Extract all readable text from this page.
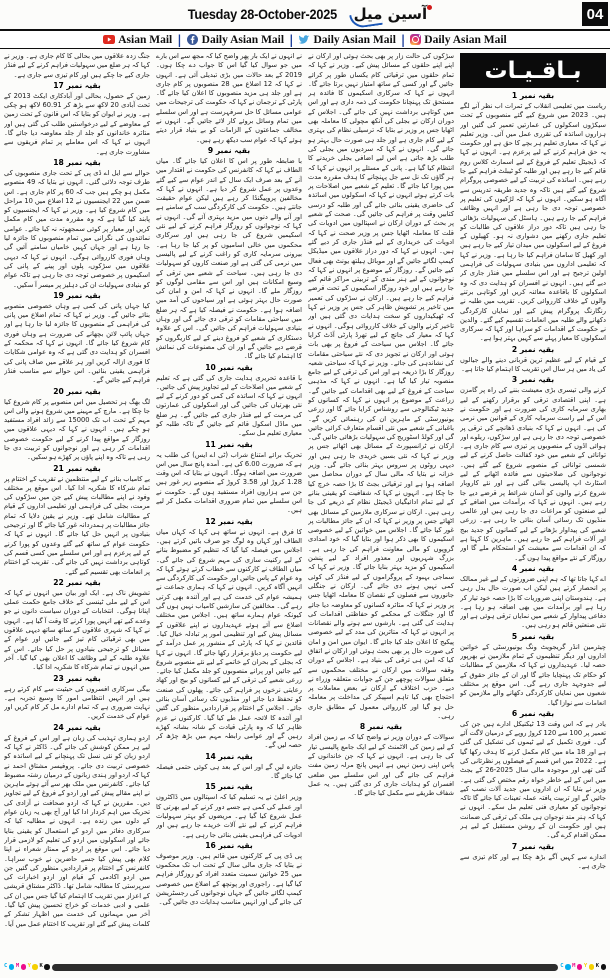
Tuesday 28-October-2025 آسین میل	04
Asian Mail | Daily Asian Mail | Daily Asian Mail | Daily Asian Mail
جنگ زدہ علاقوں میں بحالی کا کام جاری ہے۔ وزیر نے کہا کہ ہر ضلع میں سہولیات فراہم کرنے کے لیے فنڈز جاری کیے جا چکے ہیں اور کام تیزی سے جاری ہے۔
بقیہ نمبر 17
زمین کے حصول، بحالی اور آبادکاری ایکٹ 2013 کے تحت آبادی 20 لاکھ سے بڑھ کر 60.91 لاکھ ہو چکی ہے۔ وزیر نے ایوان کو بتایا کہ اس قانون کے تحت زمین کے معاوضے کے لیے درخواستیں طلب کی گئی ہیں اور متاثرہ خاندانوں کو جلد از جلد معاوضہ دیا جائے گا۔ انہوں نے کہا کہ اس معاملے پر تمام فریقوں سے مشاورت جاری ہے۔
بقیہ نمبر 18
حوالے سے ایل اے ڈی پی کے تحت جاری منصوبوں کی طرف توجہ دلائی گئی۔ انہوں نے بتایا کہ 49 منصوبے مکمل ہو چکے ہیں جب کہ 60 پر کام جاری ہے۔ اس ضمن میں 22 ایجنسیوں نے 12 اضلاع میں 10 مراحل میں کام شروع کیا ہے۔ وزیر نے کہا کہ ایجنسیوں کو پابند کیا گیا ہے کہ وہ مقررہ مدت میں کام مکمل کریں اور معیار پر کوئی سمجھوتہ نہ کیا جائے۔ عوامی نمائندوں کی نگرانی میں تمام منصوبوں کا جائزہ لیا جا رہا ہے اور جہاں کہیں خامیاں سامنے آئیں گی وہاں فوری کارروائی ہوگی۔ انہوں نے کہا کہ دیہی علاقوں میں سڑکوں، پلوں اور پینے کے پانی کی اسکیموں پر خصوصی توجہ دی جا رہی ہے تاکہ عوام کو بنیادی سہولیات ان کی دہلیز پر میسر آ سکیں۔
بقیہ نمبر 19
کیا جہاں پانی کی کمی ہے وہاں خصوصی منصوبے بنائے جائیں گے۔ وزیر نے کہا کہ تمام اضلاع میں پانی کی فراہمی کے منصوبوں کا جائزہ لیا جا رہا ہے اور جہاں پائپ لائن بچھانے کی ضرورت ہے وہاں فوری کام شروع کیا جائے گا۔ انہوں نے کہا کہ محکمہ کے افسران کو ہدایت دی گئی ہے کہ وہ عوامی شکایات کا فوری ازالہ کریں اور ہر علاقے میں صاف پانی کی فراہمی یقینی بنائیں۔ اس حوالے سے مناسب فنڈز فراہم کیے جائیں گے۔
بقیہ نمبر 20
لگ بھگ ہر تحصیل میں اس منصوبے پر کام شروع کیا جا چکا ہے۔ مارچ کے مہینے میں شروع ہونے والی اس مہم کے تحت اب تک 15000 سے زائد افراد مستفید ہو چکے ہیں۔ انہوں نے کہا کہ دیہی علاقوں میں روزگار کے مواقع پیدا کرنے کے لیے حکومت خصوصی اقدامات کر رہی ہے اور نوجوانوں کو تربیت دی جا رہی ہے تاکہ وہ اپنے پاؤں پر کھڑے ہو سکیں۔
بقیہ نمبر 21
یے کامیاب بنانے کے لیے منتظمین نے تقریب کے اختتام پر تمام شرکاء کا شکریہ ادا کیا۔ اس موقع پر مختلف وفود نے اپنے مطالبات پیش کیے جن میں سڑکوں کی مرمت، بجلی کی فراہمی اور تعلیمی اداروں کے قیام کے مطالبات شامل تھے۔ وزیر نے یقین دلایا کہ تمام جائز مطالبات پر ہمدردانہ غور کیا جائے گا اور ترجیحی بنیادوں پر انہیں حل کیا جائے گا۔ انہوں نے کہا کہ حکومت عوام کے ساتھ کیے گئے وعدوں کو پورا کرنے کے لیے پرعزم ہے اور اس سلسلے میں کسی قسم کی کوتاہی برداشت نہیں کی جائے گی۔ تقریب کے اختتام پر انعامات بھی تقسیم کیے گئے۔
بقیہ نمبر 22
تشویش ناک ہے۔ ایک اور بیان میں انہوں نے کہا کہ اس کے لیے ملی ٹینسی کے خلاف جامع حکمت عملی اپنانا ہوگی۔ انتخابات کے دوران سیاست دانوں نے جو وعدے کیے تھے انہیں پورا کرنے کا وقت آ گیا ہے۔ انہوں نے کہا کہ شہری علاقوں کے ساتھ ساتھ دیہی علاقوں میں بھی ترقیاتی کام تیز کیے جائیں اور عوام کے مسائل کو ترجیحی بنیادوں پر حل کیا جائے۔ اس کے علاوہ طلبہ کے لیے وظائف کا اعلان بھی کیا گیا۔ آخر میں انہوں نے تمام شرکاء کا شکریہ ادا کیا۔
بقیہ نمبر 23
بیگی سرکاری افسروں کی حیثیت سے کام کرتے رہے ہیں اور انہیں انتظامی امور کا وسیع تجربہ ہے۔ نہایت ضروری ہے کہ تمام ادارے مل کر کام کریں اور عوام کی خدمت کریں۔
بقیہ نمبر 24
اردو ہماری تہذیب کی زبان ہے اور اس کے فروغ کے لیے ہر ممکن کوشش کی جائے گی۔ ڈاکٹر نے کہا کہ اردو زبان کو نئی نسل تک پہنچانے کے لیے اساتذہ کو خصوصی تربیت دی جائے۔ پروفیسر مشتاق احمد نے کہا کہ اردو اور ہندی زبانوں کے درمیان رشتہ مضبوط کیا جائے۔ کانفرنس میں ملک بھر سے آئے ہوئے ماہرین نے اپنے مقالے پیش کیے اور اردو کے فروغ کے لیے تجاویز دیں۔ مقررین نے کہا کہ اردو صحافت نے آزادی کی تحریک میں اہم کردار ادا کیا اور آج بھی یہ زبان عوام کے دلوں میں زندہ ہے۔ انہوں نے مطالبہ کیا کہ سرکاری دفاتر میں اردو کے استعمال کو یقینی بنایا جائے اور اسکولوں میں اردو کی تعلیم کو لازمی قرار دیا جائے۔ اس موقع پر اردو کے ممتاز شعراء نے اپنا کلام بھی پیش کیا جسے حاضرین نے خوب سراہا۔ کانفرنس کے اختتام پر قراردادیں منظور کی گئیں جن میں اردو اکادمی کے قیام اور اردو اخبارات کی سرپرستی کا مطالبہ شامل تھا۔ ڈاکٹر مشتاق قریشی کے اعزاز میں تقریب کا اہتمام کیا گیا جس میں ان کی علمی و ادبی خدمات کو خراج تحسین پیش کیا گیا۔ آخر میں مہمانوں کی خدمت میں اظہار تشکر کے کلمات پیش کیے گئے اور تقریب کا اختتام عمل میں آیا۔
نے انہوں نے ایک بار پھر واضح کیا کہ مجھ سے اس بارے میں جو سوال کیا گیا اس کا جواب دے چکا ہوں۔ 2019 کے بعد حالات میں بڑی تبدیلی آئی ہے۔ انہوں نے کہا کہ 12 اضلاع میں 28 منصوبوں پر کام جاری ہے اور جلد ہی مزید منصوبوں کا اعلان کیا جائے گا۔ پارٹی کے ترجمان نے کہا کہ حکومت کی ترجیحات میں عوامی مسائل کا حل سرفہرست ہے اور اس سلسلے میں تمام وسائل بروئے کار لائے جائیں گے۔ انہوں نے مخالف جماعتوں کے الزامات کو بے بنیاد قرار دیتے ہوئے کہا کہ عوام سب دیکھ رہے ہیں۔
بقیہ نمبر 9
با ضابطہ طور پر اس کا اعلان کیا جائے گا۔ میاں الطاف نے کہا کہ کانفرنس کی حکومت نے اقتدار میں آنے کے بعد صرف ایک سال کے اندر عوام سے کیے گئے وعدوں پر عمل شروع کر دیا ہے۔ انہوں نے کہا کہ مخالفین پروپیگنڈا کر رہے ہیں لیکن عوام حقیقت جانتے ہیں۔ حکومت کی کارکردگی سب کے سامنے ہے اور آنے والے دنوں میں مزید بہتری آئے گی۔ انہوں نے کہا کہ نوجوانوں کو روزگار فراہم کرنے کے لیے نئی اسکیمیں شروع کی جا رہی ہیں اور سرکاری محکموں میں خالی اسامیوں کو پر کیا جا رہا ہے۔ بیرونی سرمایہ کاری کو راغب کرنے کے لیے پالیسی میں نرمی کی گئی ہے اور صنعت کاروں کو سہولیات دی جا رہی ہیں۔ سیاحت کے شعبے میں ترقی کے وسیع امکانات ہیں اور اس سے مقامی لوگوں کو روزگار ملے گا۔ انہوں نے کہا کہ امن و امان کی صورت حال بہتر ہوئی ہے اور سیاحوں کی آمد میں اضافہ ہوا ہے۔ حکومت نے فیصلہ کیا ہے کہ ہر ضلع میں سیاحتی مقامات کو ترقی دی جائے گی اور وہاں بنیادی سہولیات فراہم کی جائیں گی۔ اس کے علاوہ دستکاری کے شعبے کو فروغ دینے کے لیے کاریگروں کو قرضے دیے جائیں گے اور ان کی مصنوعات کی نمائش کا اہتمام کیا جائے گا۔
بقیہ نمبر 10
با قاعدہ تحریری ہدایت جاری کی گئی ہے کہ تعلیم کے شعبے میں اصلاحات کے لیے تجاویز پیش کی جائیں۔ انہوں نے کہا کہ اساتذہ کی کمی کو دور کرنے کے لیے نئی بھرتیاں کی جائیں گی اور اسکولوں کی عمارتوں کی مرمت کے لیے فنڈز جاری کیے جائیں گے۔ ہر ضلع میں ماڈل اسکول قائم کیے جائیں گے تاکہ طلبہ کو معیاری تعلیم مل سکے۔
بقیہ نمبر 11
تحریک برائے امتناع شراب (ٹی اے ایس) کی طلب یہ ہے کہ ضرورت 6.00 کی ہے۔ آمدہ پانچ سال میں اس ضرورت میں اضافہ ہوگا۔ انہوں نے بتایا کہ اس وقت 1.28 کروڑ اور 3.58 کروڑ کے منصوبے زیر غور ہیں جن سے ہزاروں افراد مستفید ہوں گے۔ حکومت نے اس سلسلے میں تمام ضروری اقدامات مکمل کر لیے ہیں۔
بقیہ نمبر 12
کا فرق ہے۔ انہوں نے ساتھ ہی کہا کہ کہاں میاں الطاف اور کہاں وہ لوگ جو صرف باتیں کرتے ہیں۔ اجلاس میں فیصلہ کیا گیا کہ تنظیم کو مضبوط بنانے کے لیے رکنیت سازی کی مہم شروع کی جائے گی۔ میاں الطاف نے کارکنوں سے خطاب کرتے ہوئے کہا کہ وہ عوام کے پاس جائیں اور حکومت کی کارکردگی سے انہیں آگاہ کریں۔ انہوں نے کہا کہ ہماری جماعت نے ہمیشہ عوام کی خدمت کی ہے اور آئندہ بھی کرتی رہے گی۔ مخالفین کی سازشیں کامیاب نہیں ہوں گی کیونکہ عوام ہمارے ساتھ ہیں۔ اجلاس میں مختلف اضلاع سے آئے ہوئے عہدیداروں نے اپنے علاقوں کے مسائل پیش کیے اور تنظیمی امور پر تبادلہ خیال کیا۔ قائدین نے کہا کہ پارٹی کے منشور پر عمل درآمد کے لیے حکومت پر دباؤ برقرار رکھا جائے گا۔ انہوں نے کہا کہ بجلی کے بحران کے خاتمے کے لیے نئے منصوبے شروع کیے جائیں اور پرانے منصوبوں کو جلد مکمل کیا جائے۔ زرعی شعبے کی ترقی کے لیے کسانوں کو بیج اور کھاد رعایتی نرخوں پر فراہم کی جائے۔ پھلوں کی صنعت کو تحفظ دیا جائے اور منڈیوں تک رسائی آسان بنائی جائے۔ اجلاس کے اختتام پر قراردادیں منظور کی گئیں اور آئندہ کا لائحہ عمل طے کیا گیا۔ کارکنوں نے عزم ظاہر کیا کہ وہ پارٹی قیادت کے شانہ بشانہ کھڑے رہیں گے اور عوامی رابطہ مہم میں بڑھ چڑھ کر حصہ لیں گے۔
بقیہ نمبر 14
جائزہ لیں گے اور اس کے بعد ہی کوئی حتمی فیصلہ کیا جائے گا۔
بقیہ نمبر 15
وزیر اعلیٰ نے یہ تسلیم کیا کہ اسپتالوں میں ڈاکٹروں اور عملے کی کمی ہے جسے دور کرنے کے لیے بھرتی کا عمل شروع کیا گیا ہے۔ مریضوں کو بہتر سہولیات فراہم کرنے کے لیے نئے آلات خریدے جا رہے ہیں اور ادویات کی فراہمی یقینی بنائی جا رہی ہے۔
بقیہ نمبر 16
پی ڈی پی کے کارکنوں میں قائم ہیں۔ وزیر موصوف نے بتایا کہ جاری مالی سال کے تحت اب تک محکموں میں 25 خواتین سمیت متعدد افراد کو روزگار فراہم کیا گیا ہے۔ راجوری اور پونچھ کے اضلاع میں خصوصی کیمپ لگائے جائیں گے جہاں نوجوانوں کی رجسٹریشن کی جائے گی اور انہیں مناسب ہدایات دی جائیں گی۔
سڑکوں کی حالت زار پر بھی بحث ہوئی اور ارکان نے اپنے اپنے حلقوں کے مسائل پیش کیے۔ وزیر نے کہا کہ تمام حلقوں میں ترقیاتی کام یکساں طور پر کرائے جائیں گے اور کسی کے ساتھ امتیاز نہیں برتا جائے گا۔ انہوں نے کہا کہ سرکاری اسکیموں کا فائدہ ہر مستحق تک پہنچانا حکومت کی ذمہ داری ہے اور اس میں کوتاہی برداشت نہیں کی جائے گی۔ اجلاس کے دوران ارکان نے بجلی کی آنکھ مچولی کا معاملہ بھی اٹھایا جس پر وزیر نے بتایا کہ ترسیلی نظام کی بہتری کے لیے کام جاری ہے اور جلد ہی صورت حال بہتر ہو جائے گی۔ انہوں نے کہا کہ سردیوں میں بجلی کی طلب بڑھ جاتی ہے اس لیے اضافی بجلی خریدنے کا انتظام کیا گیا ہے۔ پانی کے مسئلے پر انہوں نے کہا کہ ہر گاؤں تک نل سے جل پہنچانے کا ہدف مقررہ مدت میں پورا کیا جائے گا۔ تعلیم کے شعبے میں اصلاحات پر بات کرتے ہوئے انہوں نے کہا کہ اسکولوں میں اساتذہ کی حاضری یقینی بنائی جائے گی اور طلبہ کو درسی کتابیں وقت پر فراہم کی جائیں گی۔ صحت کے شعبے پر بحث کے دوران ارکان نے اسپتالوں میں ادویات کی قلت کا معاملہ اٹھایا جس پر وزیر صحت نے کہا کہ ادویات کی خریداری کے لیے فنڈز جاری کر دیے گئے ہیں۔ انہوں نے کہا کہ دور دراز علاقوں میں میڈیکل کیمپ لگائے جائیں گے اور موبائل ہیلتھ یونٹ بھی فعال کیے جائیں گے۔ روزگار کے موضوع پر انہوں نے کہا کہ نوجوانوں کے لیے ہنر مندی کے تربیتی مراکز قائم کیے جا رہے ہیں اور خود روزگار اسکیموں کے تحت قرضے فراہم کیے جا رہے ہیں۔ ارکان نے سڑکوں کی تعمیر میں تاخیر پر تشویش ظاہر کی جس پر وزیر نے کہا کہ ٹھیکیداروں کو سخت ہدایات دی گئی ہیں اور تاخیر کرنے والوں کے خلاف کارروائی ہوگی۔ انہوں نے کہا کہ معیار کی جانچ کے لیے تھرڈ پارٹی آڈٹ کرایا جائے گا۔ اجلاس میں سیاحت کے فروغ پر بھی بات ہوئی اور ارکان نے تجویز دی کہ نئے سیاحتی مقامات کی نشاندہی کی جائے۔ وزیر نے کہا کہ سیاحتی شعبہ روزگار کا بڑا ذریعہ ہے اور اس کی ترقی کے لیے جامع منصوبہ تیار کیا گیا ہے۔ انہوں نے کہا کہ مذہبی سیاحت کے فروغ کے لیے بھی اقدامات کیے جائیں گے۔ زراعت کے موضوع پر انہوں نے کہا کہ کسانوں کو جدید ٹیکنالوجی سے روشناس کرایا جائے گا اور زرعی یونیورسٹی کے ماہرین ان کی رہنمائی کریں گے۔ باغبانی کے شعبے میں نئی اقسام متعارف کرائی جائیں گی اور کولڈ اسٹوریج کی سہولیات بڑھائی جائیں گی۔ ارکان نے ٹرانسپورٹ کے مسائل بھی اٹھائے جس پر وزیر نے کہا کہ نئی بسیں خریدی جا رہی ہیں اور دیہی روٹوں پر سروس بہتر بنائی جائے گی۔ وزیر خزانہ نے بتایا کہ مالی سال کے دوران محاصل میں اضافہ ہوا ہے اور ترقیاتی بجٹ کا بڑا حصہ خرچ کیا جا چکا ہے۔ انہوں نے کہا کہ شفافیت کو یقینی بنانے کے لیے تمام ادائیگیاں ڈیجیٹل نظام کے ذریعے کی جا رہی ہیں۔ ارکان نے سرکاری ملازمین کے مسائل بھی اٹھائے جس پر وزیر نے کہا کہ ان کے جائز مطالبات پر غور کیا جائے گا۔ اجلاس میں خواتین کے لیے خصوصی اسکیموں کا بھی ذکر ہوا اور بتایا گیا کہ خود امدادی گروپوں کو مالی معاونت فراہم کی جا رہی ہے۔ بزرگ شہریوں اور معذور افراد کے لیے پنشن اسکیموں کو مزید بہتر بنایا جائے گا۔ وزیر نے کہا کہ سماجی بہبود کے پروگراموں کے لیے فنڈز کی کوئی کمی نہیں ہونے دی جائے گی۔ ارکان نے جنگلی جانوروں سے فصلوں کے نقصان کا معاملہ اٹھایا جس پر وزیر نے کہا کہ متاثرہ کسانوں کو معاوضہ دیا جائے گا اور جنگلات کے محکمے کو حفاظتی اقدامات کی ہدایت کی گئی ہے۔ بارشوں سے ہونے والے نقصانات پر انہوں نے کہا کہ متاثرین کی مدد کے لیے خصوصی پیکیج کا اعلان جلد کیا جائے گا۔ ایوان میں امن و امان کی صورت حال پر بھی بحث ہوئی اور ارکان نے اتفاق کیا کہ امن ہی ترقی کی بنیاد ہے۔ اجلاس کے دوران وقفہ سوالات میں ارکان نے مختلف محکموں سے متعلق سوالات پوچھے جن کے جوابات متعلقہ وزراء نے دیے۔ حزب اختلاف کے ارکان نے بعض معاملات پر احتجاج بھی کیا تاہم اسپیکر کی مداخلت پر معاملہ حل ہو گیا اور کارروائی معمول کے مطابق جاری رہی۔
بقیہ نمبر 8
سوالات کے دوران وزیر نے واضح کیا کہ بے زمین افراد کے لیے زمین کی الاٹمنٹ کے لیے ایک جامع پالیسی تیار کی جا رہی ہے۔ انہوں نے کہا کہ جن خاندانوں کے پاس اپنی زمین نہیں ہے انہیں پانچ مرلہ زمین مفت فراہم کی جائے گی اور اس سلسلے میں ضلعی افسران کو ہدایات جاری کر دی گئی ہیں۔ یہ عمل شفاف طریقے سے مکمل کیا جائے گا۔
بـاقـیـات
بقیہ نمبر 1
ریاست میں تعلیمی انقلاب کے ثمرات اب نظر آنے لگے ہیں۔ 2023 میں شروع کیے گئے منصوبوں کے تحت سیکڑوں اسکولوں کی عمارتیں تعمیر کی گئیں اور ہزاروں اساتذہ کی تقرری عمل میں آئی۔ وزیر تعلیم نے کہا کہ معیاری تعلیم ہر بچے کا حق ہے اور حکومت یہ حق فراہم کرنے کے لیے پرعزم ہے۔ انہوں نے کہا کہ ڈیجیٹل تعلیم کے فروغ کے لیے اسمارٹ کلاس روم قائم کیے جا رہے ہیں اور طلبہ کو ٹیبلٹ فراہم کیے جا رہے ہیں۔ اساتذہ کی تربیت کے لیے خصوصی پروگرام شروع کیے گئے ہیں تاکہ وہ جدید طریقہ تدریس سے آگاہ ہو سکیں۔ انہوں نے کہا کہ لڑکیوں کی تعلیم پر خصوصی توجہ دی جا رہی ہے اور انہیں وظائف فراہم کیے جا رہے ہیں۔ ہاسٹل کی سہولیات بڑھائی جا رہی ہیں تاکہ دور دراز علاقوں کی طالبات کو تعلیم جاری رکھنے میں دشواری نہ ہو۔ کھیلوں کے فروغ کے لیے اسکولوں میں میدان تیار کیے جا رہے ہیں اور کھیل کا سامان فراہم کیا جا رہا ہے۔ وزیر نے کہا کہ تعلیمی اداروں میں بنیادی سہولیات کی فراہمی اولین ترجیح ہے اور اس سلسلے میں فنڈز جاری کر دیے گئے ہیں۔ انہوں نے افسران کو ہدایت دی کہ وہ اسکولوں کا باقاعدہ معائنہ کریں اور کوتاہی برتنے والوں کے خلاف کارروائی کریں۔ تقریب میں طلبہ نے رنگارنگ پروگرام پیش کیے اور نمایاں کارکردگی دکھانے والے طلبہ میں انعامات تقسیم کیے گئے۔ والدین نے حکومت کے اقدامات کو سراہا اور کہا کہ سرکاری اسکولوں کا معیار پہلے سے کہیں بہتر ہوا ہے۔
بقیہ نمبر 2
کے قیام کے لیے عظیم ترین قربانی دینے والے جیالوں کی یاد میں ہر سال اس تقریب کا اہتمام کیا جاتا ہے۔
بقیہ نمبر 3
کرنے والی تیسری بڑی معیشت بننے کی راہ پر گامزن ہے۔ اپنی اقتصادی ترقی کو برقرار رکھنے کے لیے بھاری سرمایہ کاری کی ضرورت ہے اور حکومت نے اس کے لیے راست سرمایہ کاری کے قوانین میں نرمی کی ہے۔ انہوں نے کہا کہ بنیادی ڈھانچے کی ترقی پر خصوصی توجہ دی جا رہی ہے اور سڑکوں، ریلوے اور ہوائی اڈوں کے منصوبوں پر تیزی سے کام جاری ہے۔ توانائی کے شعبے میں خود کفالت حاصل کرنے کے لیے شمسی توانائی کے منصوبے شروع کیے گئے ہیں۔ نوجوانوں کی صلاحیتوں سے فائدہ اٹھانے کے لیے اسٹارٹ اپ پالیسی بنائی گئی ہے اور نئے کاروبار شروع کرنے والوں کو آسان شرائط پر قرضے دیے جا رہے ہیں۔ انہوں نے کہا کہ برآمدات میں اضافے کے لیے صنعتوں کو مراعات دی جا رہی ہیں اور عالمی منڈیوں تک رسائی آسان بنائی جا رہی ہے۔ زرعی شعبے کی پیداوار بڑھانے کے لیے کسانوں کو جدید بیج اور آلات فراہم کیے جا رہے ہیں۔ ماہرین کا کہنا ہے کہ ان اقدامات سے معیشت کو استحکام ملے گا اور روزگار کے نئے مواقع پیدا ہوں گے۔
بقیہ نمبر 4
اے کہا جاتا تھا کہ ہم اپنی ضرورتوں کے لیے غیر ممالک پر انحصار کرتے ہیں لیکن اب صورت حال بدل رہی ہے۔ ہندوستان اپنی ضروریات کا بڑا حصہ خود تیار کر رہا ہے اور برآمدات میں بھی اضافہ ہو رہا ہے۔ دفاعی پیداوار کے شعبے میں نمایاں ترقی ہوئی ہے اور نئی صنعتیں قائم ہو رہی ہیں۔
بقیہ نمبر 5
چیئرمین انڈر گریجویٹ ونگ یونیورسٹی کے خواتین اداروں اور دیگر تنظیموں کے تمام ملازمین نے بھرپور حصہ لیا۔ عہدیداروں نے کہا کہ ملازمین کے مطالبات کو حکام تک پہنچایا جائے گا اور ان کے جائز حقوق کے لیے جدوجہد جاری رہے گی۔ اس موقع پر مختلف شعبوں میں نمایاں کارکردگی دکھانے والے ملازمین کو انعامات سے نوازا گیا۔
بقیہ نمبر 6
یادر ہے کہ اس وقت 13 ٹیکنیکل ادارے ہیں جن کی تعمیر پر 100 سے 120 کروڑ روپے کے درمیان لاگت آئے گی۔ فوری تکمیل کے لیے ٹیموں کی تشکیل کی گئی ہے اور 18 ماہ میں کام مکمل کرنے کا ہدف رکھا گیا ہے۔ 2022 میں اس قسم کے فیصلوں پر نظرثانی کی گئی تھی اور موجودہ مالی سال 2025-26 کے بجٹ میں اس کے لیے خاطر خواہ رقم مختص کی گئی ہے۔ وزیر نے بتایا کہ ان اداروں میں جدید آلات نصب کیے جائیں گے اور تربیت یافتہ عملہ تعینات کیا جائے گا تاکہ نوجوانوں کو معیاری فنی تعلیم مل سکے۔ انہوں نے کہا کہ ہنر مند نوجوان ہی ملک کی ترقی کی ضمانت ہیں اور حکومت ان کے روشن مستقبل کے لیے ہر ممکن اقدام کرے گی۔
بقیہ نمبر 7
اندازے سے کہیں آگے بڑھ چکا ہے اور کام تیزی سے جاری ہے۔
C M Y K	C M Y K
